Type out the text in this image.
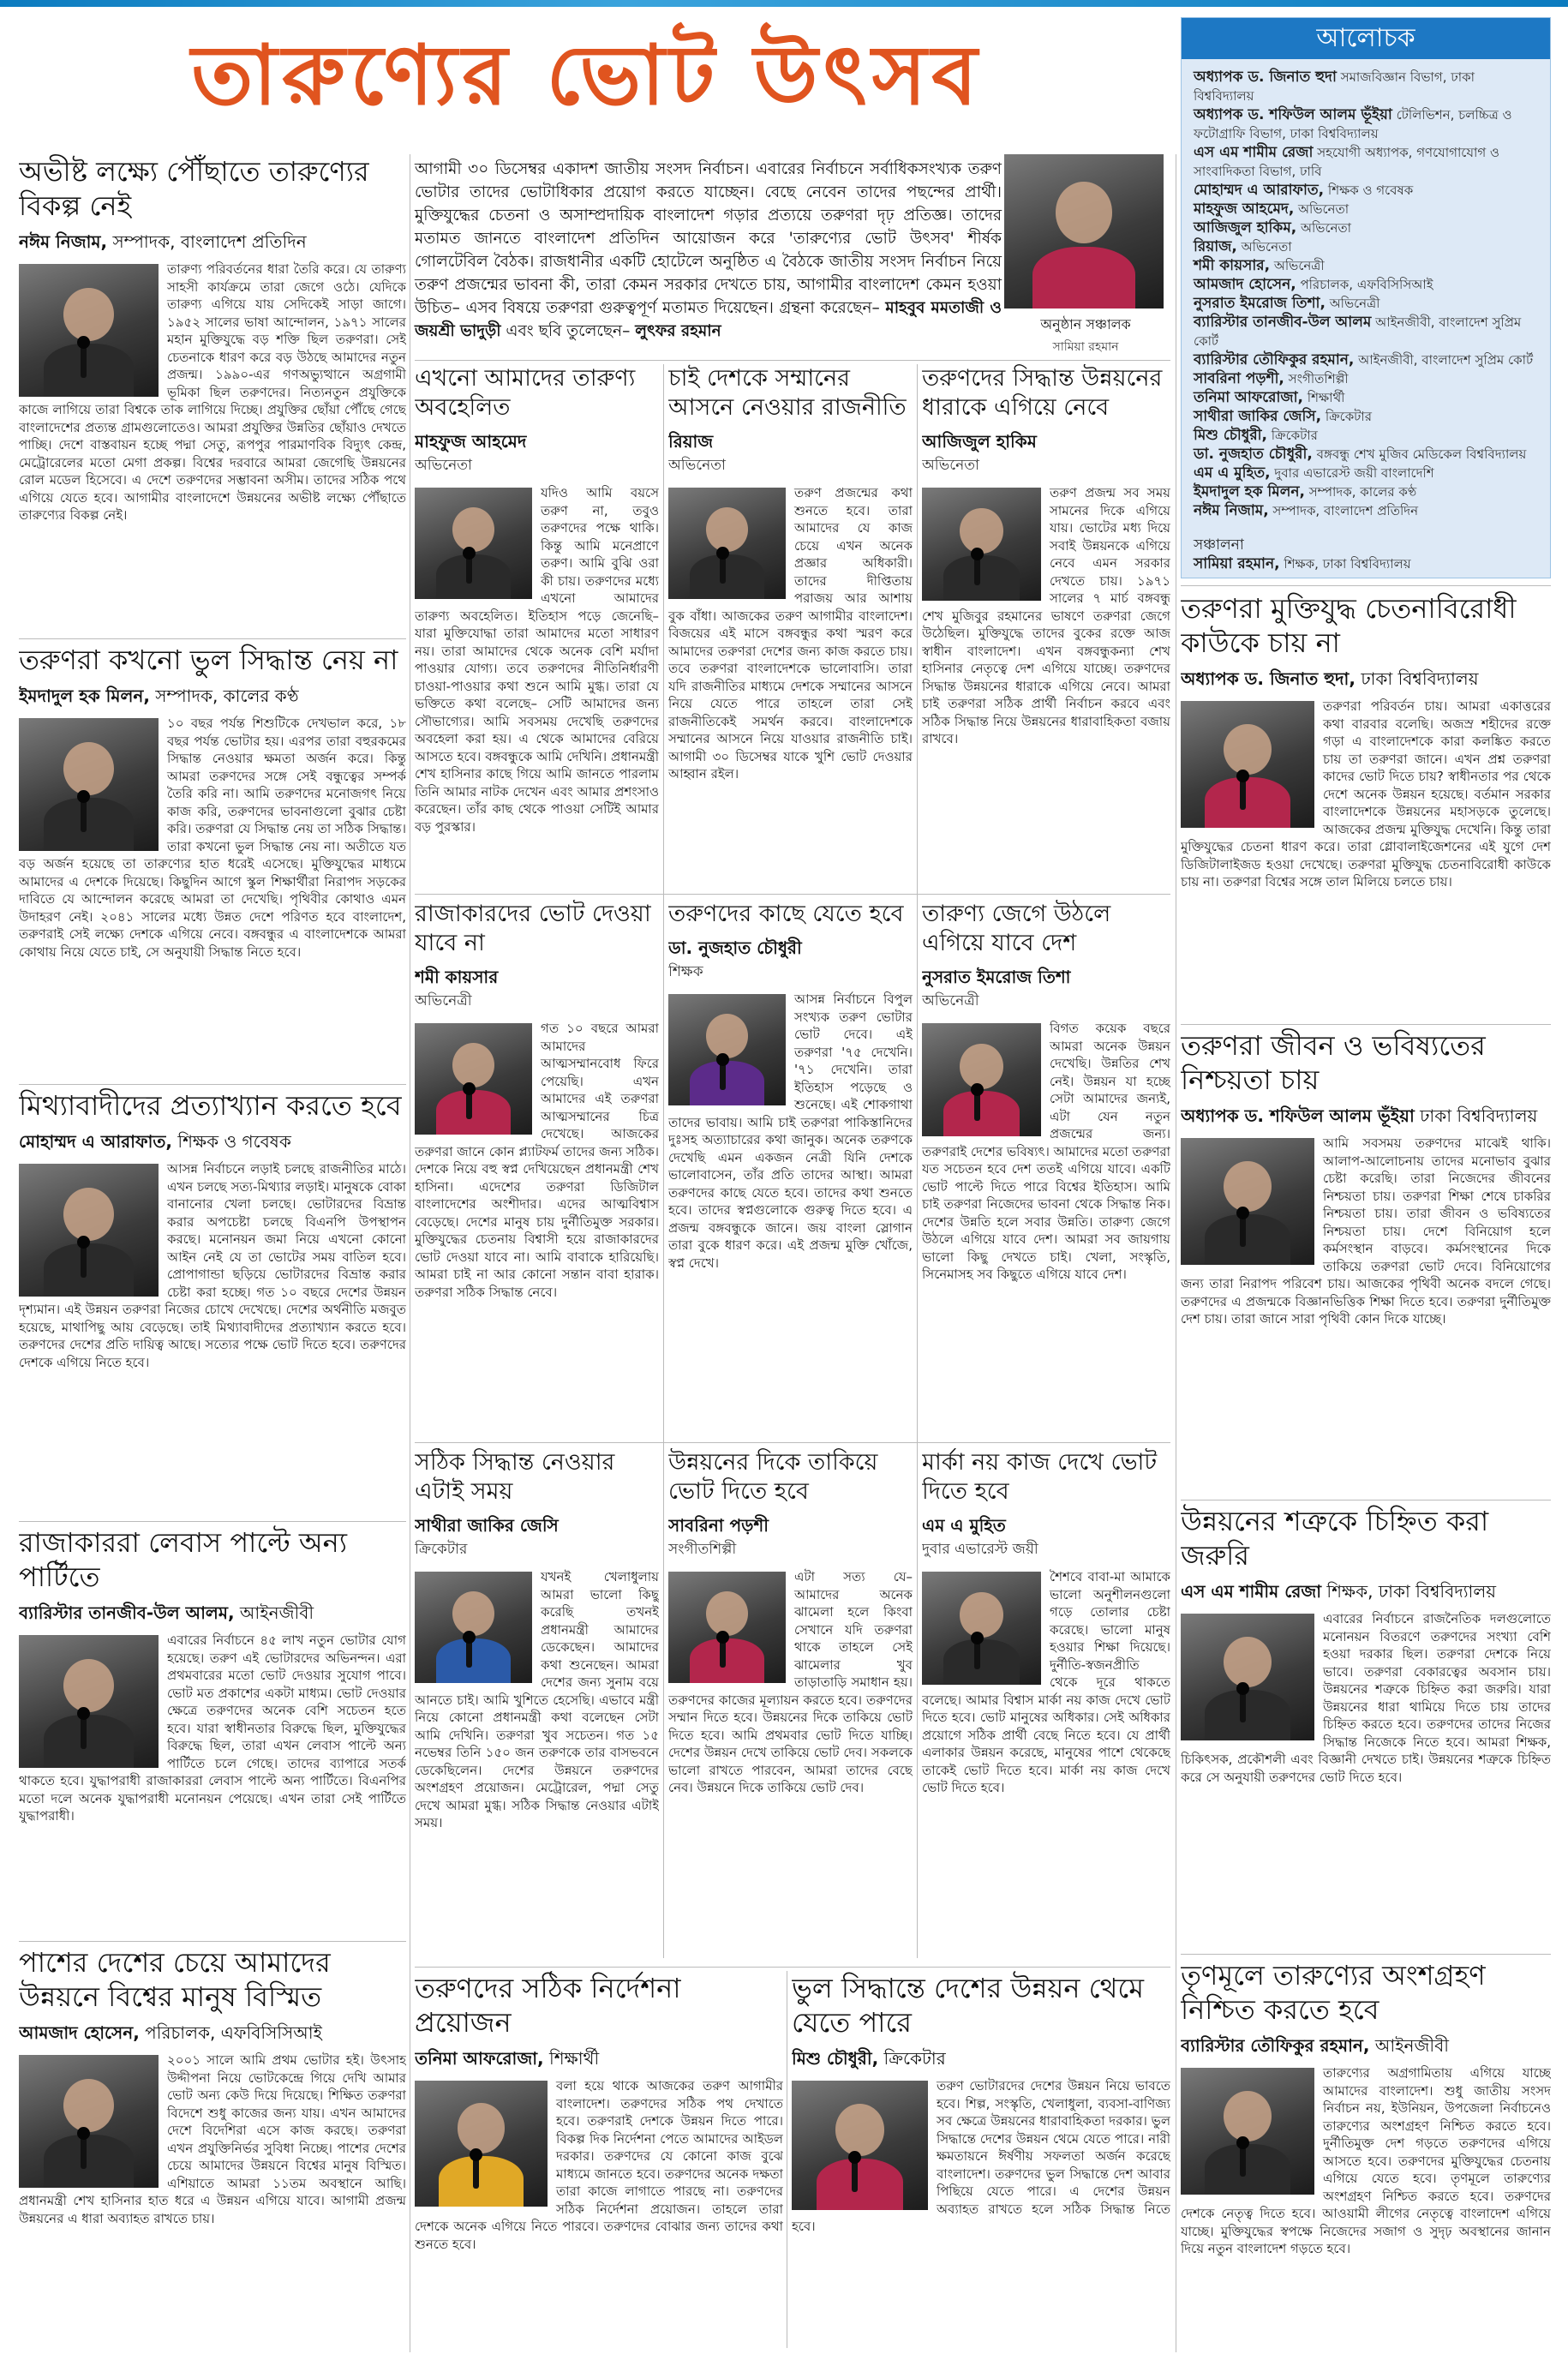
তারুণ্যের ভোট উৎসব	আলোচক
অধ্যাপক ড. জিনাত হুদা সমাজবিজ্ঞান বিভাগ, ঢাকা বিশ্ববিদ্যালয়
অধ্যাপক ড. শফিউল আলম ভূঁইয়া টেলিভিশন, চলচ্চিত্র ও ফটোগ্রাফি বিভাগ, ঢাকা বিশ্ববিদ্যালয়
এস এম শামীম রেজা সহযোগী অধ্যাপক, গণযোগাযোগ ও সাংবাদিকতা বিভাগ, ঢাবি
মোহাম্মদ এ আরাফাত, শিক্ষক ও গবেষক
মাহফুজ আহমেদ, অভিনেতা
আজিজুল হাকিম, অভিনেতা
রিয়াজ, অভিনেতা
শমী কায়সার, অভিনেত্রী
আমজাদ হোসেন, পরিচালক, এফবিসিসিআই
নুসরাত ইমরোজ তিশা, অভিনেত্রী
ব্যারিস্টার তানজীব-উল আলম আইনজীবী, বাংলাদেশ সুপ্রিম কোর্ট
ব্যারিস্টার তৌফিকুর রহমান, আইনজীবী, বাংলাদেশ সুপ্রিম কোর্ট
সাবরিনা পড়শী, সংগীতশিল্পী
তনিমা আফরোজা, শিক্ষার্থী
সাথীরা জাকির জেসি, ক্রিকেটার
মিশু চৌধুরী, ক্রিকেটার
ডা. নুজহাত চৌধুরী, বঙ্গবন্ধু শেখ মুজিব মেডিকেল বিশ্ববিদ্যালয়
এম এ মুহিত, দুবার এভারেস্ট জয়ী বাংলাদেশি
ইমদাদুল হক মিলন, সম্পাদক, কালের কণ্ঠ
নঈম নিজাম, সম্পাদক, বাংলাদেশ প্রতিদিন
সঞ্চালনা
সামিয়া রহমান, শিক্ষক, ঢাকা বিশ্ববিদ্যালয়

আগামী ৩০ ডিসেম্বর একাদশ জাতীয় সংসদ নির্বাচন। এবারের নির্বাচনে সর্বাধিকসংখ্যক তরুণ ভোটার তাদের ভোটাধিকার প্রয়োগ করতে যাচ্ছেন। বেছে নেবেন তাদের পছন্দের প্রার্থী। মুক্তিযুদ্ধের চেতনা ও অসাম্প্রদায়িক বাংলাদেশ গড়ার প্রত্যয়ে তরুণরা দৃঢ় প্রতিজ্ঞ। তাদের মতামত জানতে বাংলাদেশ প্রতিদিন আয়োজন করে 'তারুণ্যের ভোট উৎসব' শীর্ষক গোলটেবিল বৈঠক। রাজধানীর একটি হোটেলে অনুষ্ঠিত এ বৈঠকে জাতীয় সংসদ নির্বাচন নিয়ে তরুণ প্রজন্মের ভাবনা কী, তারা কেমন সরকার দেখতে চায়, আগামীর বাংলাদেশ কেমন হওয়া উচিত– এসব বিষয়ে তরুণরা গুরুত্বপূর্ণ মতামত দিয়েছেন। গ্রন্থনা করেছেন– মাহবুব মমতাজী ও জয়শ্রী ভাদুড়ী এবং ছবি তুলেছেন– লুৎফর রহমান	অনুষ্ঠান সঞ্চালক
সামিয়া রহমান
অভীষ্ট লক্ষ্যে পৌঁছাতে তারুণ্যের বিকল্প নেই
নঈম নিজাম, সম্পাদক, বাংলাদেশ প্রতিদিন
তারুণ্য পরিবর্তনের ধারা তৈরি করে। যে তারুণ্য সাহসী কার্যক্রমে তারা জেগে ওঠে। যেদিকে তারুণ্য এগিয়ে যায় সেদিকেই সাড়া জাগে। ১৯৫২ সালের ভাষা আন্দোলন, ১৯৭১ সালের মহান মুক্তিযুদ্ধে বড় শক্তি ছিল তরুণরা। সেই চেতনাকে ধারণ করে বড় উঠছে আমাদের নতুন প্রজন্ম। ১৯৯০-এর গণঅভ্যুত্থানে অগ্রগামী ভূমিকা ছিল তরুণদের। নিত্যনতুন প্রযুক্তিকে কাজে লাগিয়ে তারা বিশ্বকে তাক লাগিয়ে দিচ্ছে। প্রযুক্তির ছোঁয়া পৌঁছে গেছে বাংলাদেশের প্রত্যন্ত গ্রামগুলোতেও। আমরা প্রযুক্তির উন্নতির ছোঁয়াও দেখতে পাচ্ছি। দেশে বাস্তবায়ন হচ্ছে পদ্মা সেতু, রূপপুর পারমাণবিক বিদ্যুৎ কেন্দ্র, মেট্রোরেলের মতো মেগা প্রকল্প। বিশ্বের দরবারে আমরা জেগেছি উন্নয়নের রোল মডেল হিসেবে। এ দেশে তরুণদের সম্ভাবনা অসীম। তাদের সঠিক পথে এগিয়ে যেতে হবে। আগামীর বাংলাদেশে উন্নয়নের অভীষ্ট লক্ষ্যে পৌঁছাতে তারুণ্যের বিকল্প নেই।
তরুণরা কখনো ভুল সিদ্ধান্ত নেয় না
ইমদাদুল হক মিলন, সম্পাদক, কালের কণ্ঠ
১০ বছর পর্যন্ত শিশুটিকে দেখভাল করে, ১৮ বছর পর্যন্ত ভোটার হয়। এরপর তারা বহুরকমের সিদ্ধান্ত নেওয়ার ক্ষমতা অর্জন করে। কিন্তু আমরা তরুণদের সঙ্গে সেই বন্ধুত্বের সম্পর্ক তৈরি করি না। আমি তরুণদের মনোজগৎ নিয়ে কাজ করি, তরুণদের ভাবনাগুলো বুঝার চেষ্টা করি। তরুণরা যে সিদ্ধান্ত নেয় তা সঠিক সিদ্ধান্ত। তারা কখনো ভুল সিদ্ধান্ত নেয় না। অতীতে যত বড় অর্জন হয়েছে তা তারুণ্যের হাত ধরেই এসেছে। মুক্তিযুদ্ধের মাধ্যমে আমাদের এ দেশকে দিয়েছে। কিছুদিন আগে স্কুল শিক্ষার্থীরা নিরাপদ সড়কের দাবিতে যে আন্দোলন করেছে আমরা তা দেখেছি। পৃথিবীর কোথাও এমন উদাহরণ নেই। ২০৪১ সালের মধ্যে উন্নত দেশে পরিণত হবে বাংলাদেশ, তরুণরাই সেই লক্ষ্যে দেশকে এগিয়ে নেবে। বঙ্গবন্ধুর এ বাংলাদেশকে আমরা কোথায় নিয়ে যেতে চাই, সে অনুযায়ী সিদ্ধান্ত নিতে হবে।
মিথ্যাবাদীদের প্রত্যাখ্যান করতে হবে
মোহাম্মদ এ আরাফাত, শিক্ষক ও গবেষক
আসন্ন নির্বাচনে লড়াই চলছে রাজনীতির মাঠে। এখন চলছে সত্য-মিথ্যার লড়াই। মানুষকে বোকা বানানোর খেলা চলছে। ভোটারদের বিভ্রান্ত করার অপচেষ্টা চলছে বিএনপি উপস্থাপন করছে। মনোনয়ন জমা নিয়ে এখনো কোনো আইন নেই যে তা ভোটের সময় বাতিল হবে। প্রোপাগান্ডা ছড়িয়ে ভোটারদের বিভ্রান্ত করার চেষ্টা করা হচ্ছে। গত ১০ বছরে দেশের উন্নয়ন দৃশ্যমান। এই উন্নয়ন তরুণরা নিজের চোখে দেখেছে। দেশের অর্থনীতি মজবুত হয়েছে, মাথাপিছু আয় বেড়েছে। তাই মিথ্যাবাদীদের প্রত্যাখ্যান করতে হবে। তরুণদের দেশের প্রতি দায়িত্ব আছে। সত্যের পক্ষে ভোট দিতে হবে। তরুণদের দেশকে এগিয়ে নিতে হবে।
রাজাকাররা লেবাস পাল্টে অন্য পার্টিতে
ব্যারিস্টার তানজীব-উল আলম, আইনজীবী
এবারের নির্বাচনে ৪৫ লাখ নতুন ভোটার যোগ হয়েছে। তরুণ এই ভোটারদের অভিনন্দন। এরা প্রথমবারের মতো ভোট দেওয়ার সুযোগ পাবে। ভোট মত প্রকাশের একটা মাধ্যম। ভোট দেওয়ার ক্ষেত্রে তরুণদের অনেক বেশি সচেতন হতে হবে। যারা স্বাধীনতার বিরুদ্ধে ছিল, মুক্তিযুদ্ধের বিরুদ্ধে ছিল, তারা এখন লেবাস পাল্টে অন্য পার্টিতে চলে গেছে। তাদের ব্যাপারে সতর্ক থাকতে হবে। যুদ্ধাপরাধী রাজাকাররা লেবাস পাল্টে অন্য পার্টিতে। বিএনপির মতো দলে অনেক যুদ্ধাপরাধী মনোনয়ন পেয়েছে। এখন তারা সেই পার্টিতে যুদ্ধাপরাধী।
পাশের দেশের চেয়ে আমাদের উন্নয়নে বিশ্বের মানুষ বিস্মিত
আমজাদ হোসেন, পরিচালক, এফবিসিসিআই
২০০১ সালে আমি প্রথম ভোটার হই। উৎসাহ উদ্দীপনা নিয়ে ভোটকেন্দ্রে গিয়ে দেখি আমার ভোট অন্য কেউ দিয়ে দিয়েছে। শিক্ষিত তরুণরা বিদেশে শুধু কাজের জন্য যায়। এখন আমাদের দেশে বিদেশিরা এসে কাজ করছে। তরুণরা এখন প্রযুক্তিনির্ভর সুবিধা নিচ্ছে। পাশের দেশের চেয়ে আমাদের উন্নয়নে বিশ্বের মানুষ বিস্মিত। এশিয়াতে আমরা ১১তম অবস্থানে আছি। প্রধানমন্ত্রী শেখ হাসিনার হাত ধরে এ উন্নয়ন এগিয়ে যাবে। আগামী প্রজন্ম উন্নয়নের এ ধারা অব্যাহত রাখতে চায়।
এখনো আমাদের তারুণ্য অবহেলিত
মাহফুজ আহমেদ
অভিনেতা
যদিও আমি বয়সে তরুণ না, তবুও তরুণদের পক্ষে থাকি। কিন্তু আমি মনেপ্রাণে তরুণ। আমি বুঝি ওরা কী চায়। তরুণদের মধ্যে এখনো আমাদের তারুণ্য অবহেলিত। ইতিহাস পড়ে জেনেছি– যারা মুক্তিযোদ্ধা তারা আমাদের মতো সাধারণ নয়। তারা আমাদের থেকে অনেক বেশি মর্যাদা পাওয়ার যোগ্য। তবে তরুণদের নীতিনির্ধারণী চাওয়া-পাওয়ার কথা শুনে আমি মুগ্ধ। তারা যে ভক্তিতে কথা বলেছে– সেটি আমাদের জন্য সৌভাগ্যের। আমি সবসময় দেখেছি তরুণদের অবহেলা করা হয়। এ থেকে আমাদের বেরিয়ে আসতে হবে। বঙ্গবন্ধুকে আমি দেখিনি। প্রধানমন্ত্রী শেখ হাসিনার কাছে গিয়ে আমি জানতে পারলাম তিনি আমার নাটক দেখেন এবং আমার প্রশংসাও করেছেন। তাঁর কাছ থেকে পাওয়া সেটিই আমার বড় পুরস্কার।
চাই দেশকে সম্মানের আসনে নেওয়ার রাজনীতি
রিয়াজ
অভিনেতা
তরুণ প্রজন্মের কথা শুনতে হবে। তারা আমাদের যে কাজ চেয়ে এখন অনেক প্রজ্ঞার অধিকারী। তাদের দীপ্তিতায় পরাজয় আর আশায় বুক বাঁধা। আজকের তরুণ আগামীর বাংলাদেশ। বিজয়ের এই মাসে বঙ্গবন্ধুর কথা স্মরণ করে আমাদের তরুণরা দেশের জন্য কাজ করতে চায়। তবে তরুণরা বাংলাদেশকে ভালোবাসি। তারা যদি রাজনীতির মাধ্যমে দেশকে সম্মানের আসনে নিয়ে যেতে পারে তাহলে তারা সেই রাজনীতিকেই সমর্থন করবে। বাংলাদেশকে সম্মানের আসনে নিয়ে যাওয়ার রাজনীতি চাই। আগামী ৩০ ডিসেম্বর যাকে খুশি ভোট দেওয়ার আহ্বান রইল।
তরুণদের সিদ্ধান্ত উন্নয়নের ধারাকে এগিয়ে নেবে
আজিজুল হাকিম
অভিনেতা
তরুণ প্রজন্ম সব সময় সামনের দিকে এগিয়ে যায়। ভোটের মধ্য দিয়ে সবাই উন্নয়নকে এগিয়ে নেবে এমন সরকার দেখতে চায়। ১৯৭১ সালের ৭ মার্চ বঙ্গবন্ধু শেখ মুজিবুর রহমানের ভাষণে তরুণরা জেগে উঠেছিল। মুক্তিযুদ্ধে তাদের বুকের রক্তে আজ স্বাধীন বাংলাদেশ। এখন বঙ্গবন্ধুকন্যা শেখ হাসিনার নেতৃত্বে দেশ এগিয়ে যাচ্ছে। তরুণদের সিদ্ধান্ত উন্নয়নের ধারাকে এগিয়ে নেবে। আমরা চাই তরুণরা সঠিক প্রার্থী নির্বাচন করবে এবং সঠিক সিদ্ধান্ত নিয়ে উন্নয়নের ধারাবাহিকতা বজায় রাখবে।
রাজাকারদের ভোট দেওয়া যাবে না
শমী কায়সার
অভিনেত্রী
গত ১০ বছরে আমরা আমাদের আত্মসম্মানবোধ ফিরে পেয়েছি। এখন আমাদের এই তরুণরা আত্মসম্মানের চিত্র দেখেছে। আজকের তরুণরা জানে কোন প্ল্যাটফর্ম তাদের জন্য সঠিক। দেশকে নিয়ে বহু স্বপ্ন দেখিয়েছেন প্রধানমন্ত্রী শেখ হাসিনা। এদেশের তরুণরা ডিজিটাল বাংলাদেশের অংশীদার। এদের আত্মবিশ্বাস বেড়েছে। দেশের মানুষ চায় দুর্নীতিমুক্ত সরকার। মুক্তিযুদ্ধের চেতনায় বিশ্বাসী হয়ে রাজাকারদের ভোট দেওয়া যাবে না। আমি বাবাকে হারিয়েছি। আমরা চাই না আর কোনো সন্তান বাবা হারাক। তরুণরা সঠিক সিদ্ধান্ত নেবে।
তরুণদের কাছে যেতে হবে
ডা. নুজহাত চৌধুরী
শিক্ষক
আসন্ন নির্বাচনে বিপুল সংখ্যক তরুণ ভোটার ভোট দেবে। এই তরুণরা '৭৫ দেখেনি। '৭১ দেখেনি। তারা ইতিহাস পড়েছে ও শুনেছে। এই শোকগাথা তাদের ভাবায়। আমি চাই তরুণরা পাকিস্তানিদের দুঃসহ অত্যাচারের কথা জানুক। অনেক তরুণকে দেখেছি এমন একজন নেত্রী যিনি দেশকে ভালোবাসেন, তাঁর প্রতি তাদের আস্থা। আমরা তরুণদের কাছে যেতে হবে। তাদের কথা শুনতে হবে। তাদের স্বপ্নগুলোকে গুরুত্ব দিতে হবে। এ প্রজন্ম বঙ্গবন্ধুকে জানে। জয় বাংলা স্লোগান তারা বুকে ধারণ করে। এই প্রজন্ম মুক্তি খোঁজে, স্বপ্ন দেখে।
তারুণ্য জেগে উঠলে এগিয়ে যাবে দেশ
নুসরাত ইমরোজ তিশা
অভিনেত্রী
বিগত কয়েক বছরে আমরা অনেক উন্নয়ন দেখেছি। উন্নতির শেখ নেই। উন্নয়ন যা হচ্ছে সেটা আমাদের জন্যই, এটা যেন নতুন প্রজন্মের জন্য। তরুণরাই দেশের ভবিষ্যৎ। আমাদের মতো তরুণরা যত সচেতন হবে দেশ ততই এগিয়ে যাবে। একটি ভোট পাল্টে দিতে পারে বিশ্বের ইতিহাস। আমি চাই তরুণরা নিজেদের ভাবনা থেকে সিদ্ধান্ত নিক। দেশের উন্নতি হলে সবার উন্নতি। তারুণ্য জেগে উঠলে এগিয়ে যাবে দেশ। আমরা সব জায়গায় ভালো কিছু দেখতে চাই। খেলা, সংস্কৃতি, সিনেমাসহ সব কিছুতে এগিয়ে যাবে দেশ।
সঠিক সিদ্ধান্ত নেওয়ার এটাই সময়
সাথীরা জাকির জেসি
ক্রিকেটার
যখনই খেলাধুলায় আমরা ভালো কিছু করেছি তখনই প্রধানমন্ত্রী আমাদের ডেকেছেন। আমাদের কথা শুনেছেন। আমরা দেশের জন্য সুনাম বয়ে আনতে চাই। আমি খুশিতে হেসেছি। এভাবে মন্ত্রী নিয়ে কোনো প্রধানমন্ত্রী কথা বলেছেন সেটা আমি দেখিনি। তরুণরা খুব সচেতন। গত ১৫ নভেম্বর তিনি ১৫০ জন তরুণকে তার বাসভবনে ডেকেছিলেন। দেশের উন্নয়নে তরুণদের অংশগ্রহণ প্রয়োজন। মেট্রোরেল, পদ্মা সেতু দেখে আমরা মুগ্ধ। সঠিক সিদ্ধান্ত নেওয়ার এটাই সময়।
উন্নয়নের দিকে তাকিয়ে ভোট দিতে হবে
সাবরিনা পড়শী
সংগীতশিল্পী
এটা সত্য যে– আমাদের অনেক ঝামেলা হলে কিংবা সেখানে যদি তরুণরা থাকে তাহলে সেই ঝামেলার খুব তাড়াতাড়ি সমাধান হয়। তরুণদের কাজের মূল্যায়ন করতে হবে। তরুণদের সম্মান দিতে হবে। উন্নয়নের দিকে তাকিয়ে ভোট দিতে হবে। আমি প্রথমবার ভোট দিতে যাচ্ছি। দেশের উন্নয়ন দেখে তাকিয়ে ভোট দেব। সকলকে ভালো রাখতে পারবেন, আমরা তাদের বেছে নেব। উন্নয়নে দিকে তাকিয়ে ভোট দেব।
মার্কা নয় কাজ দেখে ভোট দিতে হবে
এম এ মুহিত
দুবার এভারেস্ট জয়ী
শৈশবে বাবা-মা আমাকে ভালো অনুশীলনগুলো গড়ে তোলার চেষ্টা করেছে। ভালো মানুষ হওয়ার শিক্ষা দিয়েছে। দুর্নীতি-স্বজনপ্রীতি থেকে দূরে থাকতে বলেছে। আমার বিশ্বাস মার্কা নয় কাজ দেখে ভোট দিতে হবে। ভোট মানুষের অধিকার। সেই অধিকার প্রয়োগে সঠিক প্রার্থী বেছে নিতে হবে। যে প্রার্থী এলাকার উন্নয়ন করেছে, মানুষের পাশে থেকেছে তাকেই ভোট দিতে হবে। মার্কা নয় কাজ দেখে ভোট দিতে হবে।
তরুণদের সঠিক নির্দেশনা প্রয়োজন
তনিমা আফরোজা, শিক্ষার্থী
বলা হয়ে থাকে আজকের তরুণ আগামীর বাংলাদেশ। তরুণদের সঠিক পথ দেখাতে হবে। তরুণরাই দেশকে উন্নয়ন দিতে পারে। বিকল্প দিক নির্দেশনা পেতে আমাদের আইডল দরকার। তরুণদের যে কোনো কাজ বুঝে মাধ্যমে জানতে হবে। তরুণদের অনেক দক্ষতা তারা কাজে লাগাতে পারছে না। তরুণদের সঠিক নির্দেশনা প্রয়োজন। তাহলে তারা দেশকে অনেক এগিয়ে নিতে পারবে। তরুণদের বোঝার জন্য তাদের কথা শুনতে হবে।
ভুল সিদ্ধান্তে দেশের উন্নয়ন থেমে যেতে পারে
মিশু চৌধুরী, ক্রিকেটার
তরুণ ভোটারদের দেশের উন্নয়ন নিয়ে ভাবতে হবে। শিল্প, সংস্কৃতি, খেলাধুলা, ব্যবসা-বাণিজ্য সব ক্ষেত্রে উন্নয়নের ধারাবাহিকতা দরকার। ভুল সিদ্ধান্তে দেশের উন্নয়ন থেমে যেতে পারে। নারী ক্ষমতায়নে ঈর্ষণীয় সফলতা অর্জন করেছে বাংলাদেশ। তরুণদের ভুল সিদ্ধান্তে দেশ আবার পিছিয়ে যেতে পারে। এ দেশের উন্নয়ন অব্যাহত রাখতে হলে সঠিক সিদ্ধান্ত নিতে হবে।
তরুণরা মুক্তিযুদ্ধ চেতনাবিরোধী কাউকে চায় না
অধ্যাপক ড. জিনাত হুদা, ঢাকা বিশ্ববিদ্যালয়
তরুণরা পরিবর্তন চায়। আমরা একাত্তরের কথা বারবার বলেছি। অজস্র শহীদের রক্তে গড়া এ বাংলাদেশকে কারা কলঙ্কিত করতে চায় তা তরুণরা জানে। এখন প্রশ্ন তরুণরা কাদের ভোট দিতে চায়? স্বাধীনতার পর থেকে দেশে অনেক উন্নয়ন হয়েছে। বর্তমান সরকার বাংলাদেশকে উন্নয়নের মহাসড়কে তুলেছে। আজকের প্রজন্ম মুক্তিযুদ্ধ দেখেনি। কিন্তু তারা মুক্তিযুদ্ধের চেতনা ধারণ করে। তারা গ্লোবালাইজেশনের এই যুগে দেশ ডিজিটালাইজড হওয়া দেখেছে। তরুণরা মুক্তিযুদ্ধ চেতনাবিরোধী কাউকে চায় না। তরুণরা বিশ্বের সঙ্গে তাল মিলিয়ে চলতে চায়।
তরুণরা জীবন ও ভবিষ্যতের নিশ্চয়তা চায়
অধ্যাপক ড. শফিউল আলম ভূঁইয়া ঢাকা বিশ্ববিদ্যালয়
আমি সবসময় তরুণদের মাঝেই থাকি। আলাপ-আলোচনায় তাদের মনোভাব বুঝার চেষ্টা করেছি। তারা নিজেদের জীবনের নিশ্চয়তা চায়। তরুণরা শিক্ষা শেষে চাকরির নিশ্চয়তা চায়। তারা জীবন ও ভবিষ্যতের নিশ্চয়তা চায়। দেশে বিনিয়োগ হলে কর্মসংস্থান বাড়বে। কর্মসংস্থানের দিকে তাকিয়ে তরুণরা ভোট দেবে। বিনিয়োগের জন্য তারা নিরাপদ পরিবেশ চায়। আজকের পৃথিবী অনেক বদলে গেছে। তরুণদের এ প্রজন্মকে বিজ্ঞানভিত্তিক শিক্ষা দিতে হবে। তরুণরা দুর্নীতিমুক্ত দেশ চায়। তারা জানে সারা পৃথিবী কোন দিকে যাচ্ছে।
উন্নয়নের শত্রুকে চিহ্নিত করা জরুরি
এস এম শামীম রেজা শিক্ষক, ঢাকা বিশ্ববিদ্যালয়
এবারের নির্বাচনে রাজনৈতিক দলগুলোতে মনোনয়ন বিতরণে তরুণদের সংখ্যা বেশি হওয়া দরকার ছিল। তরুণরা দেশকে নিয়ে ভাবে। তরুণরা বেকারত্বের অবসান চায়। উন্নয়নের শত্রুকে চিহ্নিত করা জরুরি। যারা উন্নয়নের ধারা থামিয়ে দিতে চায় তাদের চিহ্নিত করতে হবে। তরুণদের তাদের নিজের সিদ্ধান্ত নিজেকে নিতে হবে। আমরা শিক্ষক, চিকিৎসক, প্রকৌশলী এবং বিজ্ঞানী দেখতে চাই। উন্নয়নের শত্রুকে চিহ্নিত করে সে অনুযায়ী তরুণদের ভোট দিতে হবে।
তৃণমূলে তারুণ্যের অংশগ্রহণ নিশ্চিত করতে হবে
ব্যারিস্টার তৌফিকুর রহমান, আইনজীবী
তারুণ্যের অগ্রগামিতায় এগিয়ে যাচ্ছে আমাদের বাংলাদেশ। শুধু জাতীয় সংসদ নির্বাচন নয়, ইউনিয়ন, উপজেলা নির্বাচনেও তারুণ্যের অংশগ্রহণ নিশ্চিত করতে হবে। দুর্নীতিমুক্ত দেশ গড়তে তরুণদের এগিয়ে আসতে হবে। তরুণদের মুক্তিযুদ্ধের চেতনায় এগিয়ে যেতে হবে। তৃণমূলে তারুণ্যের অংশগ্রহণ নিশ্চিত করতে হবে। তরুণদের দেশকে নেতৃত্ব দিতে হবে। আওয়ামী লীগের নেতৃত্বে বাংলাদেশ এগিয়ে যাচ্ছে। মুক্তিযুদ্ধের স্বপক্ষে নিজেদের সজাগ ও সুদৃঢ় অবস্থানের জানান দিয়ে নতুন বাংলাদেশ গড়তে হবে।
